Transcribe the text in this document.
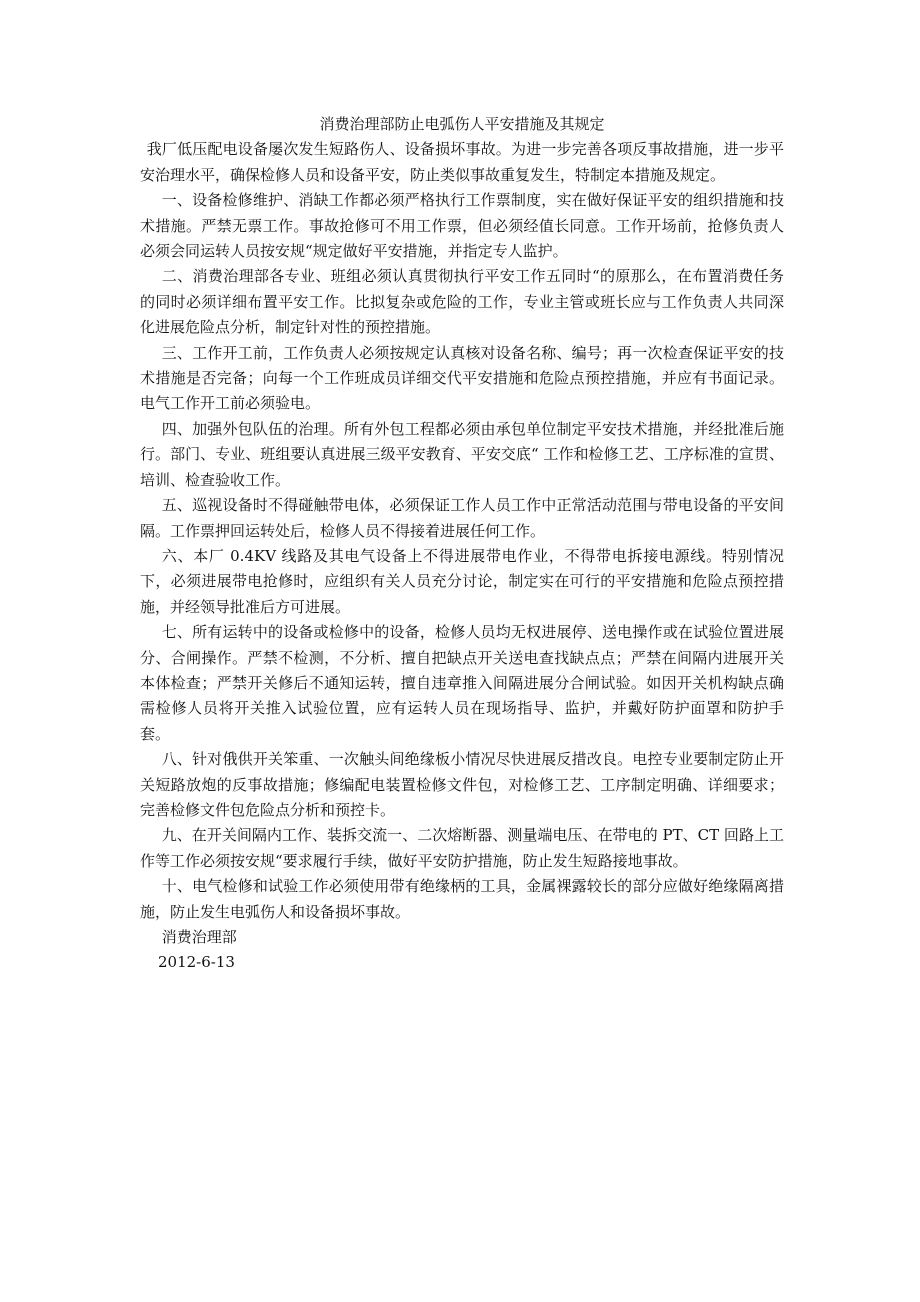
消费治理部防止电弧伤人平安措施及其规定

我厂低压配电设备屡次发生短路伤人、设备损坏事故。为进一步完善各项反事故措施，进一步平安治理水平，确保检修人员和设备平安，防止类似事故重复发生，特制定本措施及规定。

一、设备检修维护、消缺工作都必须严格执行工作票制度，实在做好保证平安的组织措施和技术措施。严禁无票工作。事故抢修可不用工作票，但必须经值长同意。工作开场前，抢修负责人必须会同运转人员按安规“规定做好平安措施，并指定专人监护。

二、消费治理部各专业、班组必须认真贯彻执行平安工作五同时“的原那么，在布置消费任务的同时必须详细布置平安工作。比拟复杂或危险的工作，专业主管或班长应与工作负责人共同深化进展危险点分析，制定针对性的预控措施。

三、工作开工前，工作负责人必须按规定认真核对设备名称、编号；再一次检查保证平安的技术措施是否完备；向每一个工作班成员详细交代平安措施和危险点预控措施，并应有书面记录。电气工作开工前必须验电。

四、加强外包队伍的治理。所有外包工程都必须由承包单位制定平安技术措施，并经批准后施行。部门、专业、班组要认真进展三级平安教育、平安交底“ 工作和检修工艺、工序标准的宣贯、培训、检查验收工作。

五、巡视设备时不得碰触带电体，必须保证工作人员工作中正常活动范围与带电设备的平安间隔。工作票押回运转处后，检修人员不得接着进展任何工作。

六、本厂 0.4KV 线路及其电气设备上不得进展带电作业，不得带电拆接电源线。特别情况下，必须进展带电抢修时，应组织有关人员充分讨论，制定实在可行的平安措施和危险点预控措施，并经领导批准后方可进展。

七、所有运转中的设备或检修中的设备，检修人员均无权进展停、送电操作或在试验位置进展分、合闸操作。严禁不检测，不分析、擅自把缺点开关送电查找缺点点；严禁在间隔内进展开关本体检查；严禁开关修后不通知运转，擅自违章推入间隔进展分合闸试验。如因开关机构缺点确需检修人员将开关推入试验位置，应有运转人员在现场指导、监护，并戴好防护面罩和防护手套。

八、针对俄供开关笨重、一次触头间绝缘板小情况尽快进展反措改良。电控专业要制定防止开关短路放炮的反事故措施；修编配电装置检修文件包，对检修工艺、工序制定明确、详细要求；完善检修文件包危险点分析和预控卡。

九、在开关间隔内工作、装拆交流一、二次熔断器、测量端电压、在带电的 PT、CT 回路上工作等工作必须按安规“要求履行手续，做好平安防护措施，防止发生短路接地事故。

十、电气检修和试验工作必须使用带有绝缘柄的工具，金属裸露较长的部分应做好绝缘隔离措施，防止发生电弧伤人和设备损坏事故。

消费治理部

2012-6-13
